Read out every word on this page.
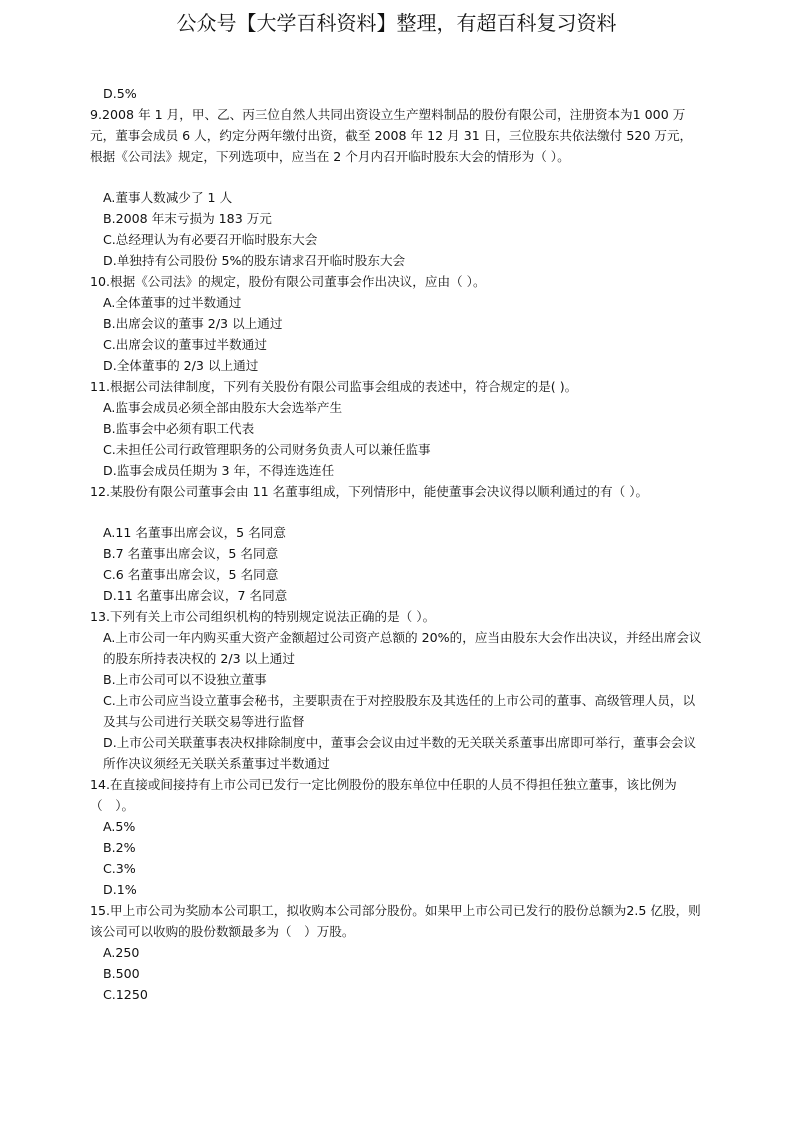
公众号【大学百科资料】整理，有超百科复习资料

D.5%

9.2008 年 1 月，甲、乙、丙三位自然人共同出资设立生产塑料制品的股份有限公司，注册资本为1 000 万元，董事会成员 6 人，约定分两年缴付出资，截至 2008 年 12 月 31 日，三位股东共依法缴付 520 万元，根据《公司法》规定，下列选项中，应当在 2 个月内召开临时股东大会的情形为（ ）。

A.董事人数减少了 1 人

B.2008 年末亏损为 183 万元

C.总经理认为有必要召开临时股东大会

D.单独持有公司股份 5%的股东请求召开临时股东大会

10.根据《公司法》的规定，股份有限公司董事会作出决议，应由（ ）。

A.全体董事的过半数通过

B.出席会议的董事 2/3 以上通过

C.出席会议的董事过半数通过

D.全体董事的 2/3 以上通过

11.根据公司法律制度，下列有关股份有限公司监事会组成的表述中，符合规定的是( )。

A.监事会成员必须全部由股东大会选举产生

B.监事会中必须有职工代表

C.未担任公司行政管理职务的公司财务负责人可以兼任监事

D.监事会成员任期为 3 年，不得连选连任

12.某股份有限公司董事会由 11 名董事组成，下列情形中，能使董事会决议得以顺利通过的有（ ）。

A.11 名董事出席会议，5 名同意

B.7 名董事出席会议，5 名同意

C.6 名董事出席会议，5 名同意

D.11 名董事出席会议，7 名同意

13.下列有关上市公司组织机构的特别规定说法正确的是（ ）。

A.上市公司一年内购买重大资产金额超过公司资产总额的 20%的，应当由股东大会作出决议，并经出席会议的股东所持表决权的 2/3 以上通过

B.上市公司可以不设独立董事

C.上市公司应当设立董事会秘书，主要职责在于对控股股东及其选任的上市公司的董事、高级管理人员，以及其与公司进行关联交易等进行监督

D.上市公司关联董事表决权排除制度中，董事会会议由过半数的无关联关系董事出席即可举行，董事会会议所作决议须经无关联关系董事过半数通过

14.在直接或间接持有上市公司已发行一定比例股份的股东单位中任职的人员不得担任独立董事，该比例为（　）。

A.5%

B.2%

C.3%

D.1%

15.甲上市公司为奖励本公司职工，拟收购本公司部分股份。如果甲上市公司已发行的股份总额为2.5 亿股，则该公司可以收购的股份数额最多为（　）万股。

A.250

B.500

C.1250
